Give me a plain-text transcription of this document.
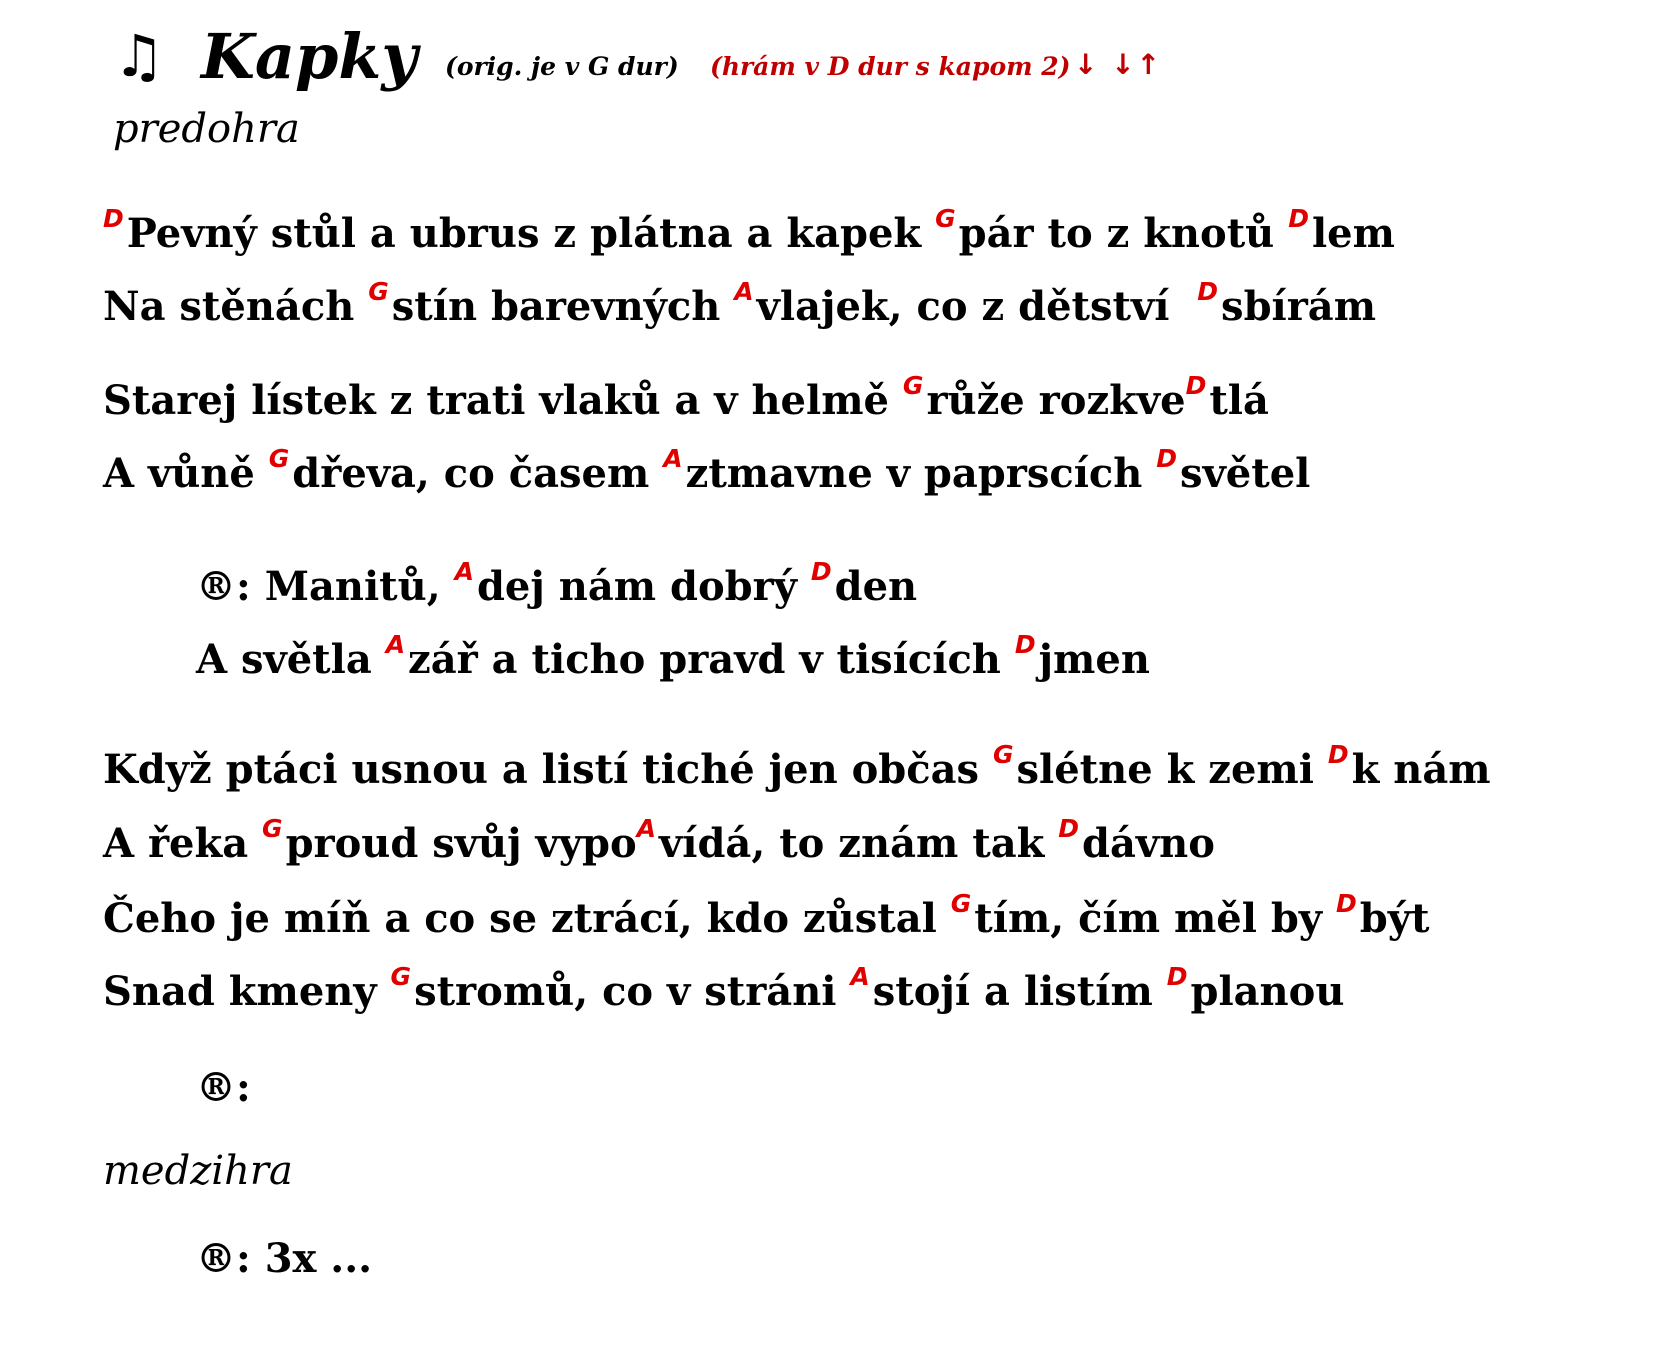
♫ Kapky (orig. je v G dur) (hrám v D dur s kapom 2) ↓ ↓↑
predohra
$^D$Pevný stůl a ubrus z plátna a kapek $^G$pár to z knotů $^D$lem
Na stěnách $^G$stín barevných $^A$vlajek, co z dětství  $^D$sbírám
Starej lístek z trati vlaků a v helmě $^G$růže rozkve$^D$tlá
A vůně $^G$dřeva, co časem $^A$ztmavne v paprscích $^D$světel
®: Manitů, $^A$dej nám dobrý $^D$den
A světla $^A$zář a ticho pravd v tisících $^D$jmen
Když ptáci usnou a listí tiché jen občas $^G$slétne k zemi $^D$k nám
A řeka $^G$proud svůj vypo$^A$vídá, to znám tak $^D$dávno
Čeho je míň a co se ztrácí, kdo zůstal $^G$tím, čím měl by $^D$být
Snad kmeny $^G$stromů, co v stráni $^A$stojí a listím $^D$planou
®:
medzihra
®: 3x ...
